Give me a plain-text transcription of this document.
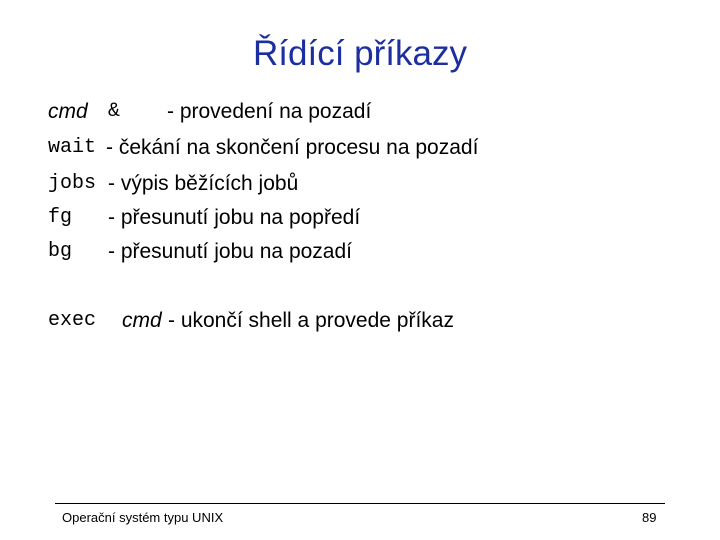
Řídící příkazy
cmd & - provedení na pozadí
wait - čekání na skončení procesu na pozadí
jobs - výpis běžících jobů
fg - přesunutí jobu na popředí
bg - přesunutí jobu na pozadí
exec cmd - ukončí shell a provede příkaz
Operační systém typu UNIX	89
